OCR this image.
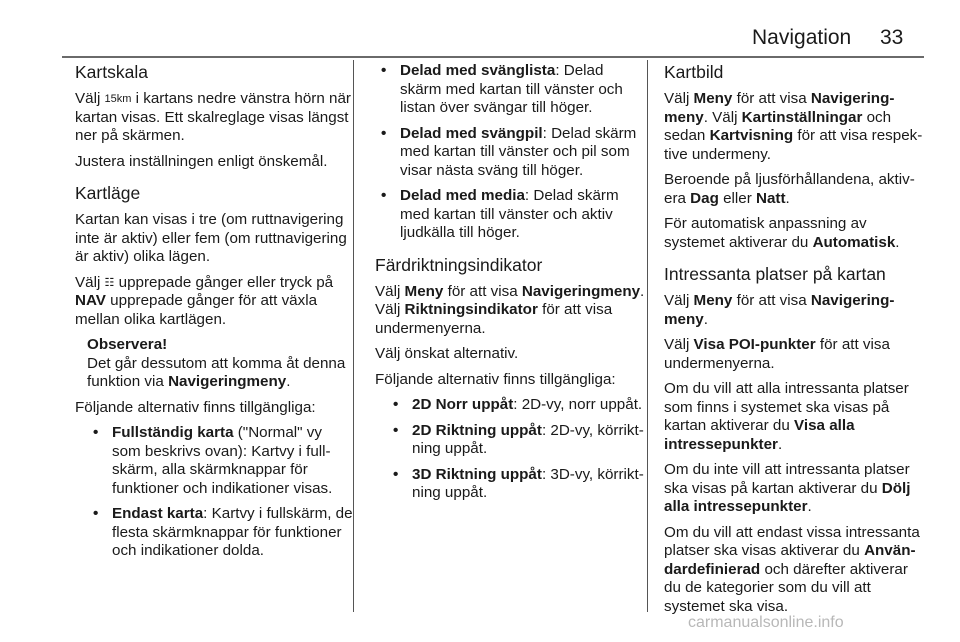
Navigation 33
Kartskala

Välj 15km i kartans nedre vänstra hörn när kartan visas. Ett skalreglage visas längst ner på skärmen.

Justera inställningen enligt önskemål.

Kartläge

Kartan kan visas i tre (om ruttnavigering inte är aktiv) eller fem (om ruttnavigering är aktiv) olika lägen.

Välj ☷ upprepade gånger eller tryck på NAV upprepade gånger för att växla mellan olika kartlägen.

Observera!
Det går dessutom att komma åt denna funktion via Navigeringmeny.

Följande alternativ finns tillgängliga:

• Fullständig karta ("Normal" vy som beskrivs ovan): Kartvy i fullskärm, alla skärmknappar för funktioner och indikationer visas.
• Endast karta: Kartvy i fullskärm, de flesta skärmknappar för funktioner och indikationer dolda.
• Delad med svänglista: Delad skärm med kartan till vänster och listan över svängar till höger.
• Delad med svängpil: Delad skärm med kartan till vänster och pil som visar nästa sväng till höger.
• Delad med media: Delad skärm med kartan till vänster och aktiv ljudkälla till höger.
Färdriktningsindikator

Välj Meny för att visa Navigeringmeny. Välj Riktningsindikator för att visa undermenyerna.

Välj önskat alternativ.

Följande alternativ finns tillgängliga:

• 2D Norr uppåt: 2D-vy, norr uppåt.
• 2D Riktning uppåt: 2D-vy, körriktning uppåt.
• 3D Riktning uppåt: 3D-vy, körriktning uppåt.
Kartbild

Välj Meny för att visa Navigeringmeny. Välj Kartinställningar och sedan Kartvisning för att visa respektive undermeny.

Beroende på ljusförhållandena, aktivera Dag eller Natt.

För automatisk anpassning av systemet aktiverar du Automatisk.

Intressanta platser på kartan

Välj Meny för att visa Navigeringmeny.

Välj Visa POI-punkter för att visa undermenyerna.

Om du vill att alla intressanta platser som finns i systemet ska visas på kartan aktiverar du Visa alla intressepunkter.

Om du inte vill att intressanta platser ska visas på kartan aktiverar du Dölj alla intressepunkter.

Om du vill att endast vissa intressanta platser ska visas aktiverar du Användardefinierad och därefter aktiverar du de kategorier som du vill att systemet ska visa.

carmanualsonline.info
